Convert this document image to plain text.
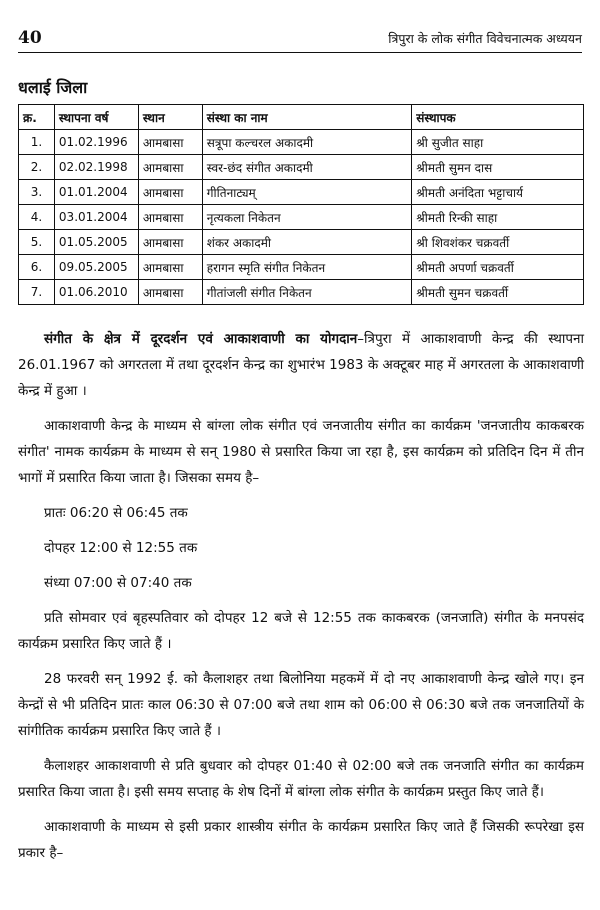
40	त्रिपुरा के लोक संगीत विवेचनात्मक अध्ययन
धलाई जिला
क्र.	स्थापना वर्ष	स्थान	संस्था का नाम	संस्थापक
1.	01.02.1996	आमबासा	सत्रूपा कल्चरल अकादमी	श्री सुजीत साहा
2.	02.02.1998	आमबासा	स्वर-छंद संगीत अकादमी	श्रीमती सुमन दास
3.	01.01.2004	आमबासा	गीतिनाट्यम्	श्रीमती अनंदिता भट्टाचार्य
4.	03.01.2004	आमबासा	नृत्यकला निकेतन	श्रीमती रिन्की साहा
5.	01.05.2005	आमबासा	शंकर अकादमी	श्री शिवशंकर चक्रवर्ती
6.	09.05.2005	आमबासा	हरागन स्मृति संगीत निकेतन	श्रीमती अपर्णा चक्रवर्ती
7.	01.06.2010	आमबासा	गीतांजली संगीत निकेतन	श्रीमती सुमन चक्रवर्ती

संगीत के क्षेत्र में दूरदर्शन एवं आकाशवाणी का योगदान–त्रिपुरा में आकाशवाणी केन्द्र की स्थापना 26.01.1967 को अगरतला में तथा दूरदर्शन केन्द्र का शुभारंभ 1983 के अक्टूबर माह में अगरतला के आकाशवाणी केन्द्र में हुआ ।

आकाशवाणी केन्द्र के माध्यम से बांग्ला लोक संगीत एवं जनजातीय संगीत का कार्यक्रम 'जनजातीय काकबरक संगीत' नामक कार्यक्रम के माध्यम से सन् 1980 से प्रसारित किया जा रहा है, इस कार्यक्रम को प्रतिदिन दिन में तीन भागों में प्रसारित किया जाता है। जिसका समय है–

प्रातः 06:20 से 06:45 तक
दोपहर 12:00 से 12:55 तक
संध्या 07:00 से 07:40 तक

प्रति सोमवार एवं बृहस्पतिवार को दोपहर 12 बजे से 12:55 तक काकबरक (जनजाति) संगीत के मनपसंद कार्यक्रम प्रसारित किए जाते हैं ।

28 फरवरी सन् 1992 ई. को कैलाशहर तथा बिलोनिया महकमें में दो नए आकाशवाणी केन्द्र खोले गए। इन केन्द्रों से भी प्रतिदिन प्रातः काल 06:30 से 07:00 बजे तथा शाम को 06:00 से 06:30 बजे तक जनजातियों के सांगीतिक कार्यक्रम प्रसारित किए जाते हैं ।

कैलाशहर आकाशवाणी से प्रति बुधवार को दोपहर 01:40 से 02:00 बजे तक जनजाति संगीत का कार्यक्रम प्रसारित किया जाता है। इसी समय सप्ताह के शेष दिनों में बांग्ला लोक संगीत के कार्यक्रम प्रस्तुत किए जाते हैं।

आकाशवाणी के माध्यम से इसी प्रकार शास्त्रीय संगीत के कार्यक्रम प्रसारित किए जाते हैं जिसकी रूपरेखा इस प्रकार है–
